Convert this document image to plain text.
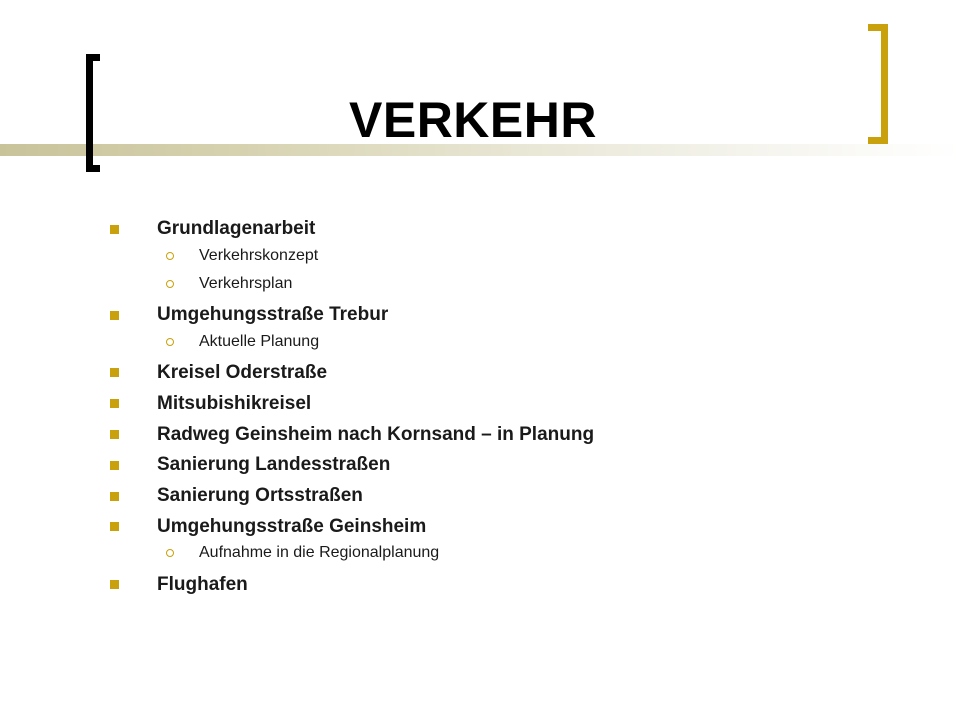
VERKEHR
Grundlagenarbeit
Verkehrskonzept
Verkehrsplan
Umgehungsstraße Trebur
Aktuelle Planung
Kreisel Oderstraße
Mitsubishikreisel
Radweg Geinsheim nach Kornsand – in Planung
Sanierung Landesstraßen
Sanierung Ortsstraßen
Umgehungsstraße Geinsheim
Aufnahme in die Regionalplanung
Flughafen
